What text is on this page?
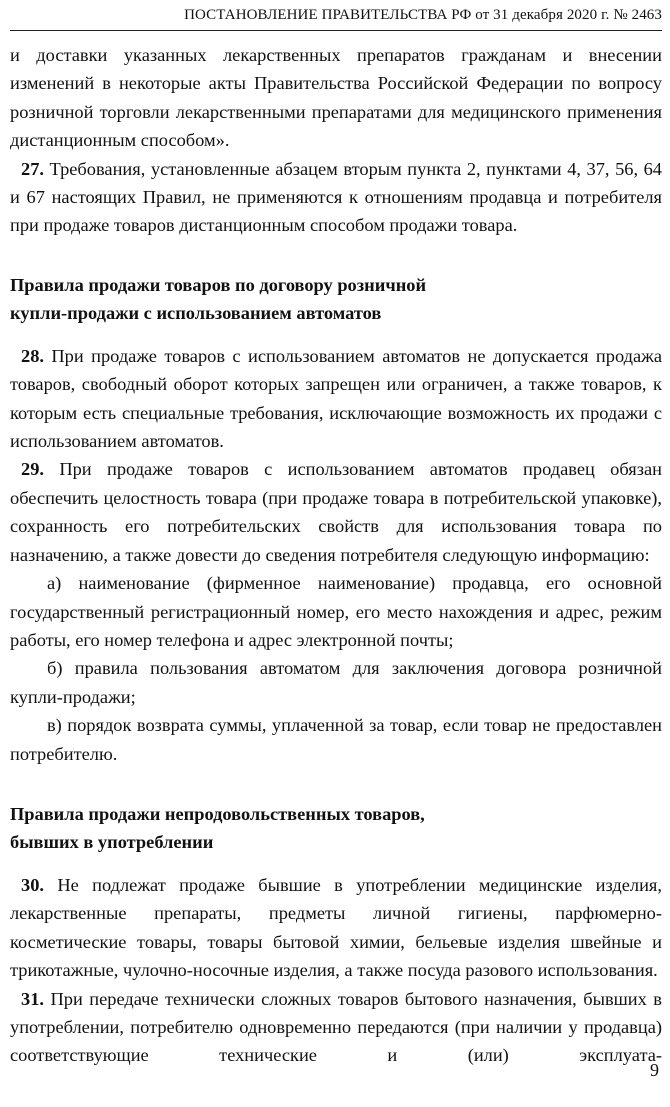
ПОСТАНОВЛЕНИЕ ПРАВИТЕЛЬСТВА РФ от 31 декабря 2020 г. № 2463

и доставки указанных лекарственных препаратов гражданам и внесении изменений в некоторые акты Правительства Российской Федерации по вопросу розничной торговли лекарственными препаратами для медицинского применения дистанционным способом».

27. Требования, установленные абзацем вторым пункта 2, пунктами 4, 37, 56, 64 и 67 настоящих Правил, не применяются к отношениям продавца и потребителя при продаже товаров дистанционным способом продажи товара.

Правила продажи товаров по договору розничной
купли-продажи с использованием автоматов

28. При продаже товаров с использованием автоматов не допускается продажа товаров, свободный оборот которых запрещен или ограничен, а также товаров, к которым есть специальные требования, исключающие возможность их продажи с использованием автоматов.

29. При продаже товаров с использованием автоматов продавец обязан обеспечить целостность товара (при продаже товара в потребительской упаковке), сохранность его потребительских свойств для использования товара по назначению, а также довести до сведения потребителя следующую информацию:

а) наименование (фирменное наименование) продавца, его основной государственный регистрационный номер, его место нахождения и адрес, режим работы, его номер телефона и адрес электронной почты;

б) правила пользования автоматом для заключения договора розничной купли-продажи;

в) порядок возврата суммы, уплаченной за товар, если товар не предоставлен потребителю.

Правила продажи непродовольственных товаров,
бывших в употреблении

30. Не подлежат продаже бывшие в употреблении медицинские изделия, лекарственные препараты, предметы личной гигиены, парфюмерно-косметические товары, товары бытовой химии, бельевые изделия швейные и трикотажные, чулочно-носочные изделия, а также посуда разового использования.

31. При передаче технически сложных товаров бытового назначения, бывших в употреблении, потребителю одновременно передаются (при наличии у продавца) соответствующие технические и (или) эксплуата-

9
